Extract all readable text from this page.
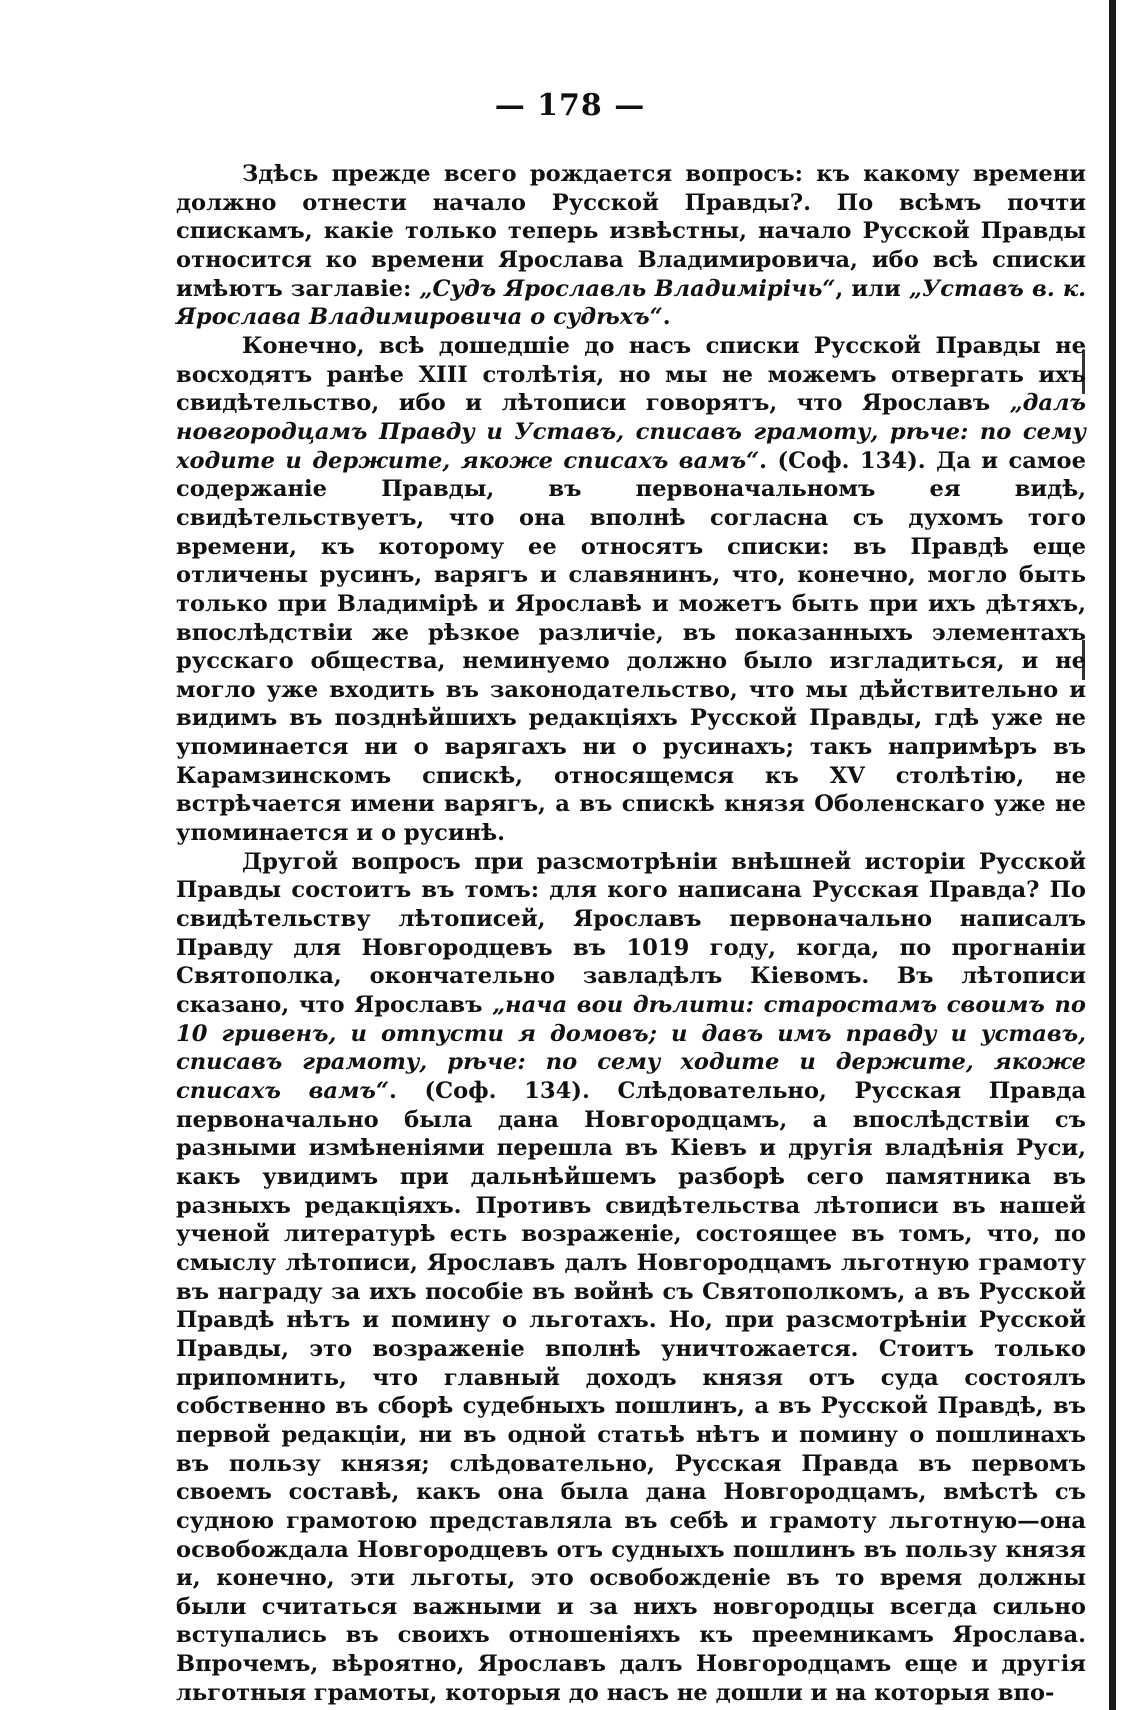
— 178 —

Здѣсь прежде всего рождается вопросъ: къ какому времени должно отнести начало Русской Правды?. По всѣмъ почти спискамъ, какіе только теперь извѣстны, начало Русской Правды относится ко времени Ярослава Владимировича, ибо всѣ списки имѣютъ заглавіе: „Судъ Ярославль Владимірічь“, или „Уставъ в. к. Ярослава Владимировича о судѣхъ“.

Конечно, всѣ дошедшіе до насъ списки Русской Правды не восходятъ ранѣе XIII столѣтія, но мы не можемъ отвергать ихъ свидѣтельство, ибо и лѣтописи говорятъ, что Ярославъ „далъ новгородцамъ Правду и Уставъ, списавъ грамоту, рѣче: по сему ходите и держите, якоже списахъ вамъ“. (Соф. 134). Да и самое содержаніе Правды, въ первоначальномъ ея видѣ, свидѣтельствуетъ, что она вполнѣ согласна съ духомъ того времени, къ которому ее относятъ списки: въ Правдѣ еще отличены русинъ, варягъ и славянинъ, что, конечно, могло быть только при Владимірѣ и Ярославѣ и можетъ быть при ихъ дѣтяхъ, впослѣдствіи же рѣзкое различіе, въ показанныхъ элементахъ русскаго общества, неминуемо должно было изгладиться, и не могло уже входить въ законодательство, что мы дѣйствительно и видимъ въ позднѣйшихъ редакціяхъ Русской Правды, гдѣ уже не упоминается ни о варягахъ ни о русинахъ; такъ напримѣръ въ Карамзинскомъ спискѣ, относящемся къ XV столѣтію, не встрѣчается имени варягъ, а въ спискѣ князя Оболенскаго уже не упоминается и о русинѣ.

Другой вопросъ при разсмотрѣніи внѣшней исторіи Русской Правды состоитъ въ томъ: для кого написана Русская Правда? По свидѣтельству лѣтописей, Ярославъ первоначально написалъ Правду для Новгородцевъ въ 1019 году, когда, по прогнаніи Святополка, окончательно завладѣлъ Кіевомъ. Въ лѣтописи сказано, что Ярославъ „нача вои дѣлити: старостамъ своимъ по 10 гривенъ, и отпусти я домовъ; и давъ имъ правду и уставъ, списавъ грамоту, рѣче: по сему ходите и держите, якоже списахъ вамъ“. (Соф. 134). Слѣдовательно, Русская Правда первоначально была дана Новгородцамъ, а впослѣдствіи съ разными измѣненіями перешла въ Кіевъ и другія владѣнія Руси, какъ увидимъ при дальнѣйшемъ разборѣ сего памятника въ разныхъ редакціяхъ. Противъ свидѣтельства лѣтописи въ нашей ученой литературѣ есть возраженіе, состоящее въ томъ, что, по смыслу лѣтописи, Ярославъ далъ Новгородцамъ льготную грамоту въ награду за ихъ пособіе въ войнѣ съ Святополкомъ, а въ Русской Правдѣ нѣтъ и помину о льготахъ. Но, при разсмотрѣніи Русской Правды, это возраженіе вполнѣ уничтожается. Стоитъ только припомнить, что главный доходъ князя отъ суда состоялъ собственно въ сборѣ судебныхъ пошлинъ, а въ Русской Правдѣ, въ первой редакціи, ни въ одной статьѣ нѣтъ и помину о пошлинахъ въ пользу князя; слѣдовательно, Русская Правда въ первомъ своемъ составѣ, какъ она была дана Новгородцамъ, вмѣстѣ съ судною грамотою представляла въ себѣ и грамоту льготную—она освобождала Новгородцевъ отъ судныхъ пошлинъ въ пользу князя и, конечно, эти льготы, это освобожденіе въ то время должны были считаться важными и за нихъ новгородцы всегда сильно вступались въ своихъ отношеніяхъ къ преемникамъ Ярослава. Впрочемъ, вѣроятно, Ярославъ далъ Новгородцамъ еще и другія льготныя грамоты, которыя до насъ не дошли и на которыя впо-
